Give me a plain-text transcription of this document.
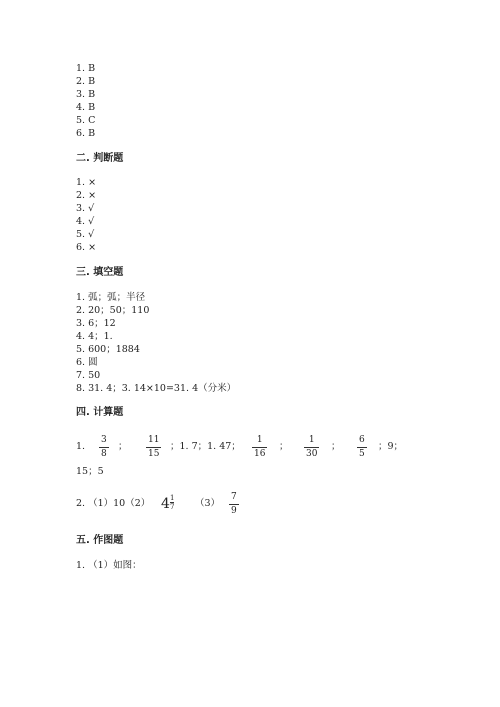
1. B
2. B
3. B
4. B
5. C
6. B
二. 判断题
1. ×
2. ×
3. √
4. √
5. √
6. ×
三. 填空题
1. 弧；弧；半径
2. 20；50；110
3. 6；12
4. 4；1.
5. 600；1884
6. 圆
7. 50
8. 31. 4；3. 14×10=31. 4（分米）
四. 计算题
1.
3
8
；
11
15
；1. 7；1. 47；
1
16
；
1
30
；
6
5
；9；
15；5
2. （1）10（2） 4 1
7 （3）
7
9
五. 作图题
1. （1）如图：
